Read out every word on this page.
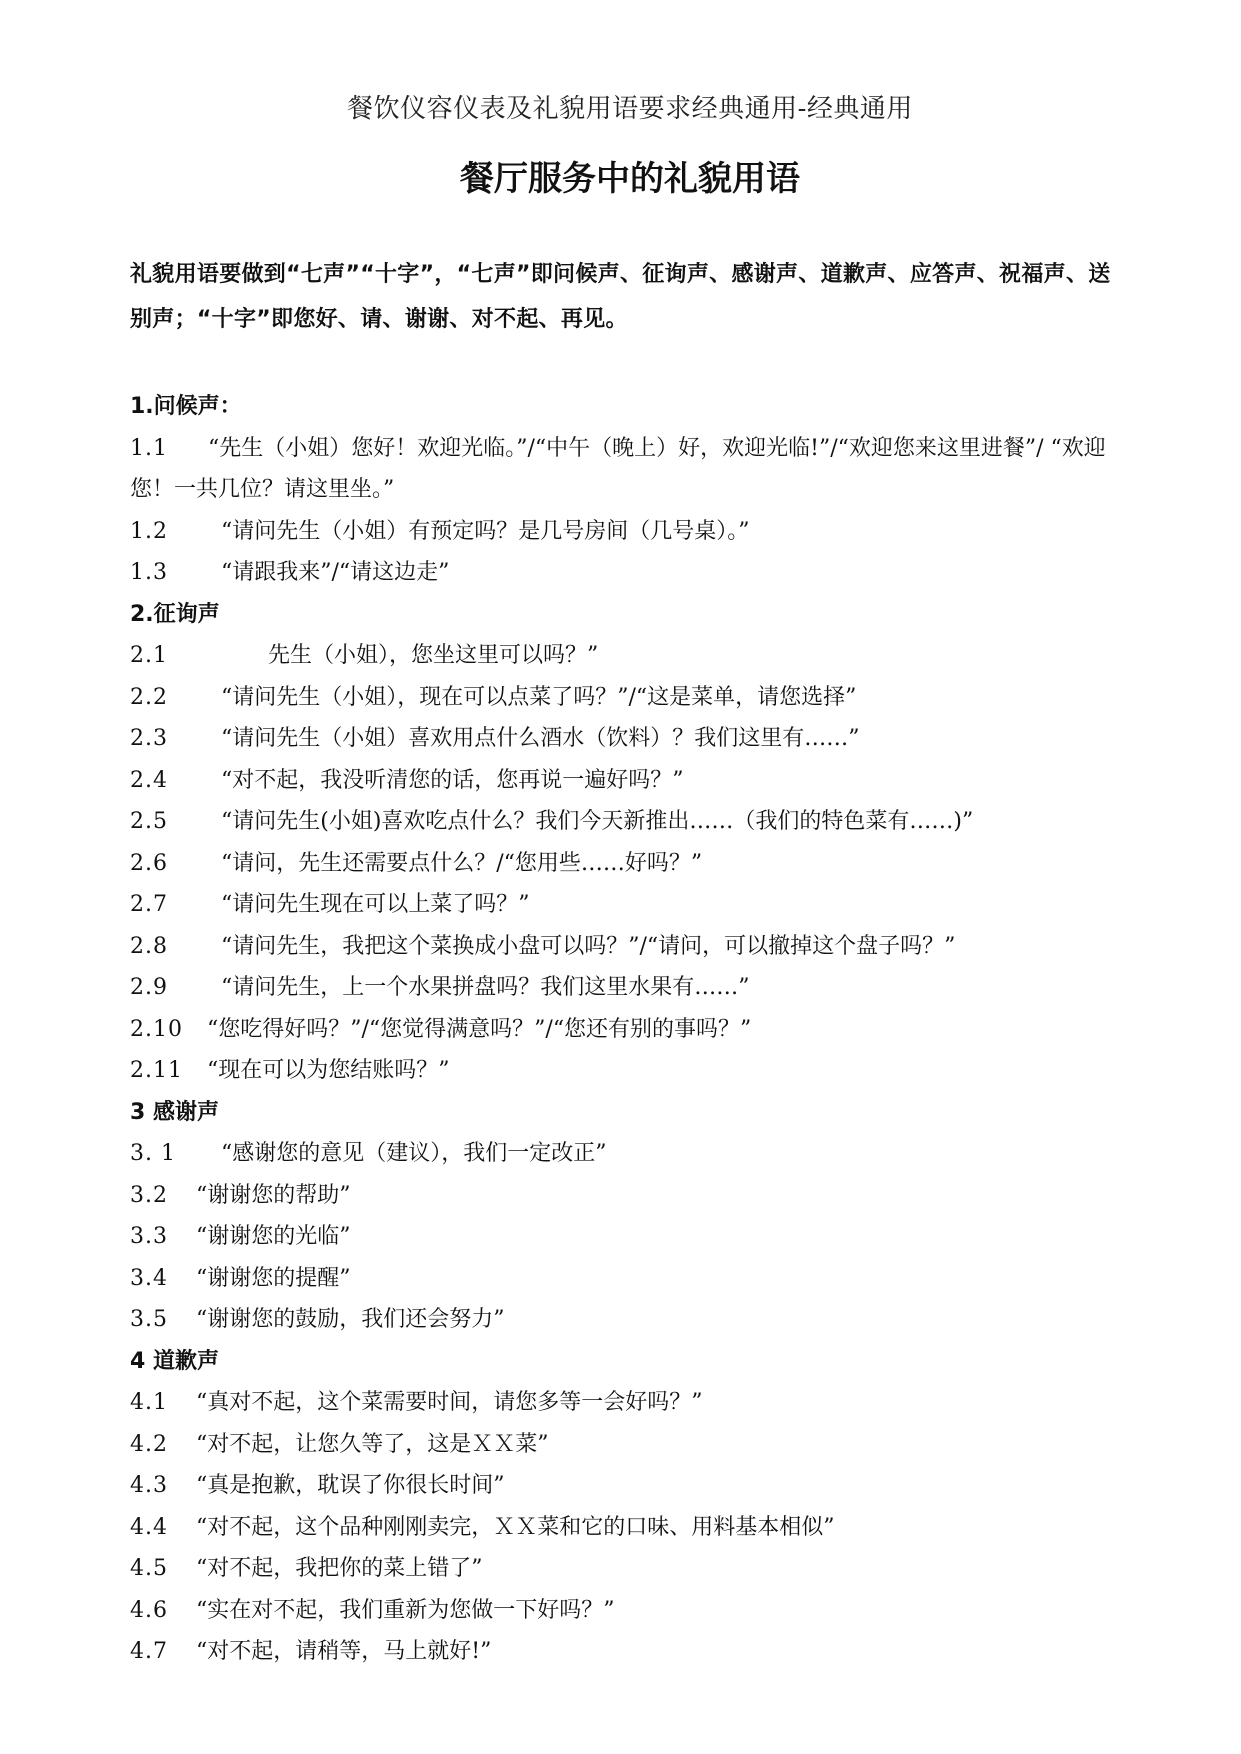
餐饮仪容仪表及礼貌用语要求经典通用-经典通用
餐厅服务中的礼貌用语
礼貌用语要做到“七声”“十字”，“七声”即问候声、征询声、感谢声、道歉声、应答声、祝福声、送别声；“十字”即您好、请、谢谢、对不起、再见。
1.问候声：
1.1 “先生（小姐）您好！欢迎光临。”/“中午（晚上）好，欢迎光临!”/“欢迎您来这里进餐”/ “欢迎您！一共几位？请这里坐。”
1.2	“请问先生（小姐）有预定吗？是几号房间（几号桌）。”
1.3	“请跟我来”/“请这边走”
2.征询声
2.1	先生（小姐），您坐这里可以吗？”
2.2	“请问先生（小姐），现在可以点菜了吗？”/“这是菜单，请您选择”
2.3	“请问先生（小姐）喜欢用点什么酒水（饮料）？我们这里有……”
2.4	“对不起，我没听清您的话，您再说一遍好吗？”
2.5	“请问先生(小姐)喜欢吃点什么？我们今天新推出……（我们的特色菜有……)”
2.6	“请问，先生还需要点什么？/“您用些……好吗？”
2.7	“请问先生现在可以上菜了吗？”
2.8	“请问先生，我把这个菜换成小盘可以吗？”/“请问，可以撤掉这个盘子吗？”
2.9	“请问先生，上一个水果拼盘吗？我们这里水果有……”
2.10	“您吃得好吗？”/“您觉得满意吗？”/“您还有别的事吗？”
2.11	“现在可以为您结账吗？”
3 感谢声
3. 1	“感谢您的意见（建议），我们一定改正”
3.2	“谢谢您的帮助”
3.3	“谢谢您的光临”
3.4	“谢谢您的提醒”
3.5	“谢谢您的鼓励，我们还会努力”
4 道歉声
4.1	“真对不起，这个菜需要时间，请您多等一会好吗？”
4.2	“对不起，让您久等了，这是ＸＸ菜”
4.3	“真是抱歉，耽误了你很长时间”
4.4	“对不起，这个品种刚刚卖完，ＸＸ菜和它的口味、用料基本相似”
4.5	“对不起，我把你的菜上错了”
4.6	“实在对不起，我们重新为您做一下好吗？”
4.7	“对不起，请稍等，马上就好!”
